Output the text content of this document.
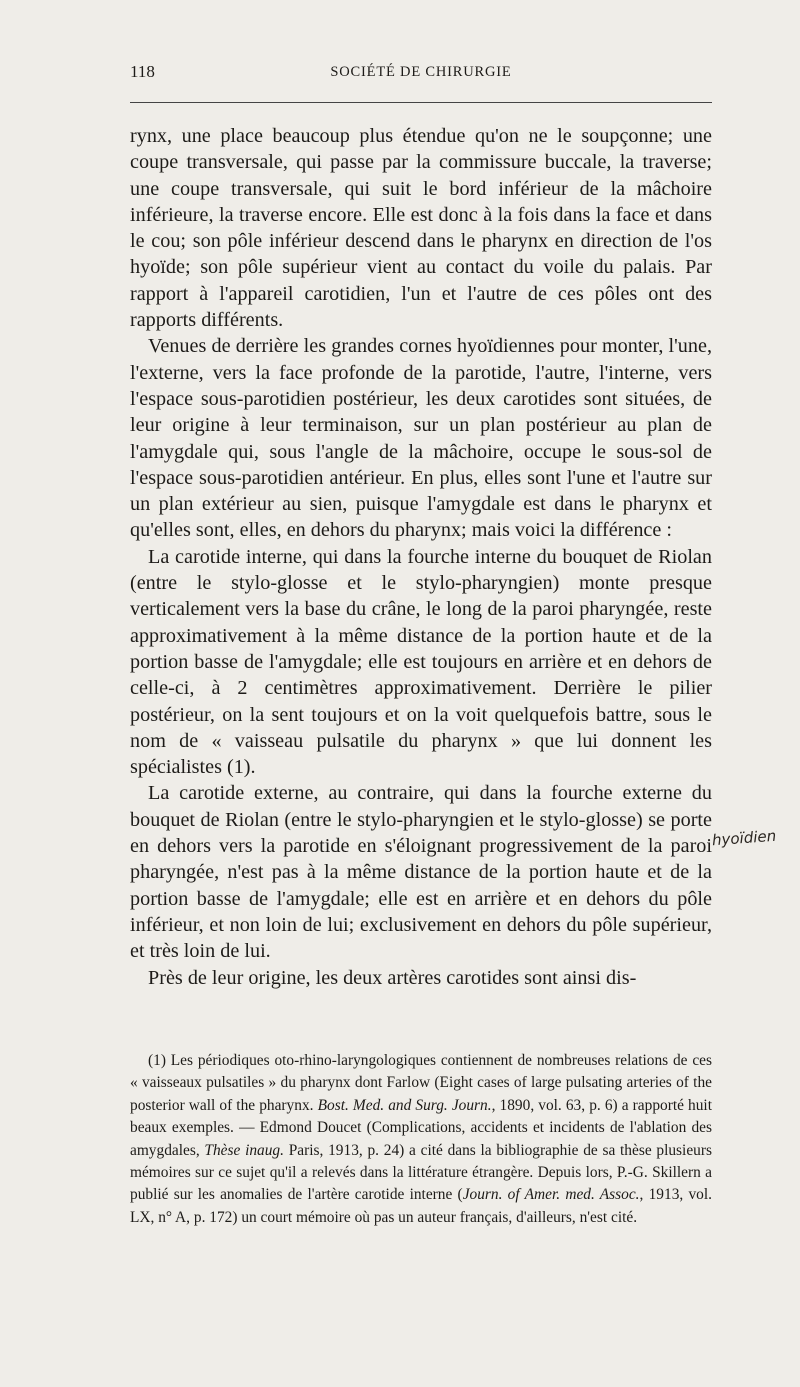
118	SOCIÉTÉ DE CHIRURGIE

rynx, une place beaucoup plus étendue qu'on ne le soupçonne; une coupe transversale, qui passe par la commissure buccale, la traverse; une coupe transversale, qui suit le bord inférieur de la mâchoire inférieure, la traverse encore. Elle est donc à la fois dans la face et dans le cou; son pôle inférieur descend dans le pharynx en direction de l'os hyoïde; son pôle supérieur vient au contact du voile du palais. Par rapport à l'appareil carotidien, l'un et l'autre de ces pôles ont des rapports différents.

Venues de derrière les grandes cornes hyoïdiennes pour monter, l'une, l'externe, vers la face profonde de la parotide, l'autre, l'interne, vers l'espace sous-parotidien postérieur, les deux carotides sont situées, de leur origine à leur terminaison, sur un plan postérieur au plan de l'amygdale qui, sous l'angle de la mâchoire, occupe le sous-sol de l'espace sous-parotidien antérieur. En plus, elles sont l'une et l'autre sur un plan extérieur au sien, puisque l'amygdale est dans le pharynx et qu'elles sont, elles, en dehors du pharynx; mais voici la différence :

La carotide interne, qui dans la fourche interne du bouquet de Riolan (entre le stylo-glosse et le stylo-pharyngien) monte presque verticalement vers la base du crâne, le long de la paroi pharyngée, reste approximativement à la même distance de la portion haute et de la portion basse de l'amygdale; elle est toujours en arrière et en dehors de celle-ci, à 2 centimètres approximativement. Derrière le pilier postérieur, on la sent toujours et on la voit quelquefois battre, sous le nom de « vaisseau pulsatile du pharynx » que lui donnent les spécialistes (1).

La carotide externe, au contraire, qui dans la fourche externe du bouquet de Riolan (entre le stylo-pharyngien et le stylo-glosse) se porte en dehors vers la parotide en s'éloignant progressivement de la paroi pharyngée, n'est pas à la même distance de la portion haute et de la portion basse de l'amygdale; elle est en arrière et en dehors du pôle inférieur, et non loin de lui; exclusivement en dehors du pôle supérieur, et très loin de lui.

Près de leur origine, les deux artères carotides sont ainsi dis-

hyoïdien
(1) Les périodiques oto-rhino-laryngologiques contiennent de nombreuses relations de ces « vaisseaux pulsatiles » du pharynx dont Farlow (Eight cases of large pulsating arteries of the posterior wall of the pharynx. Bost. Med. and Surg. Journ., 1890, vol. 63, p. 6) a rapporté huit beaux exemples. — Edmond Doucet (Complications, accidents et incidents de l'ablation des amygdales, Thèse inaug. Paris, 1913, p. 24) a cité dans la bibliographie de sa thèse plusieurs mémoires sur ce sujet qu'il a relevés dans la littérature étrangère. Depuis lors, P.-G. Skillern a publié sur les anomalies de l'artère carotide interne (Journ. of Amer. med. Assoc., 1913, vol. LX, n° A, p. 172) un court mémoire où pas un auteur français, d'ailleurs, n'est cité.
